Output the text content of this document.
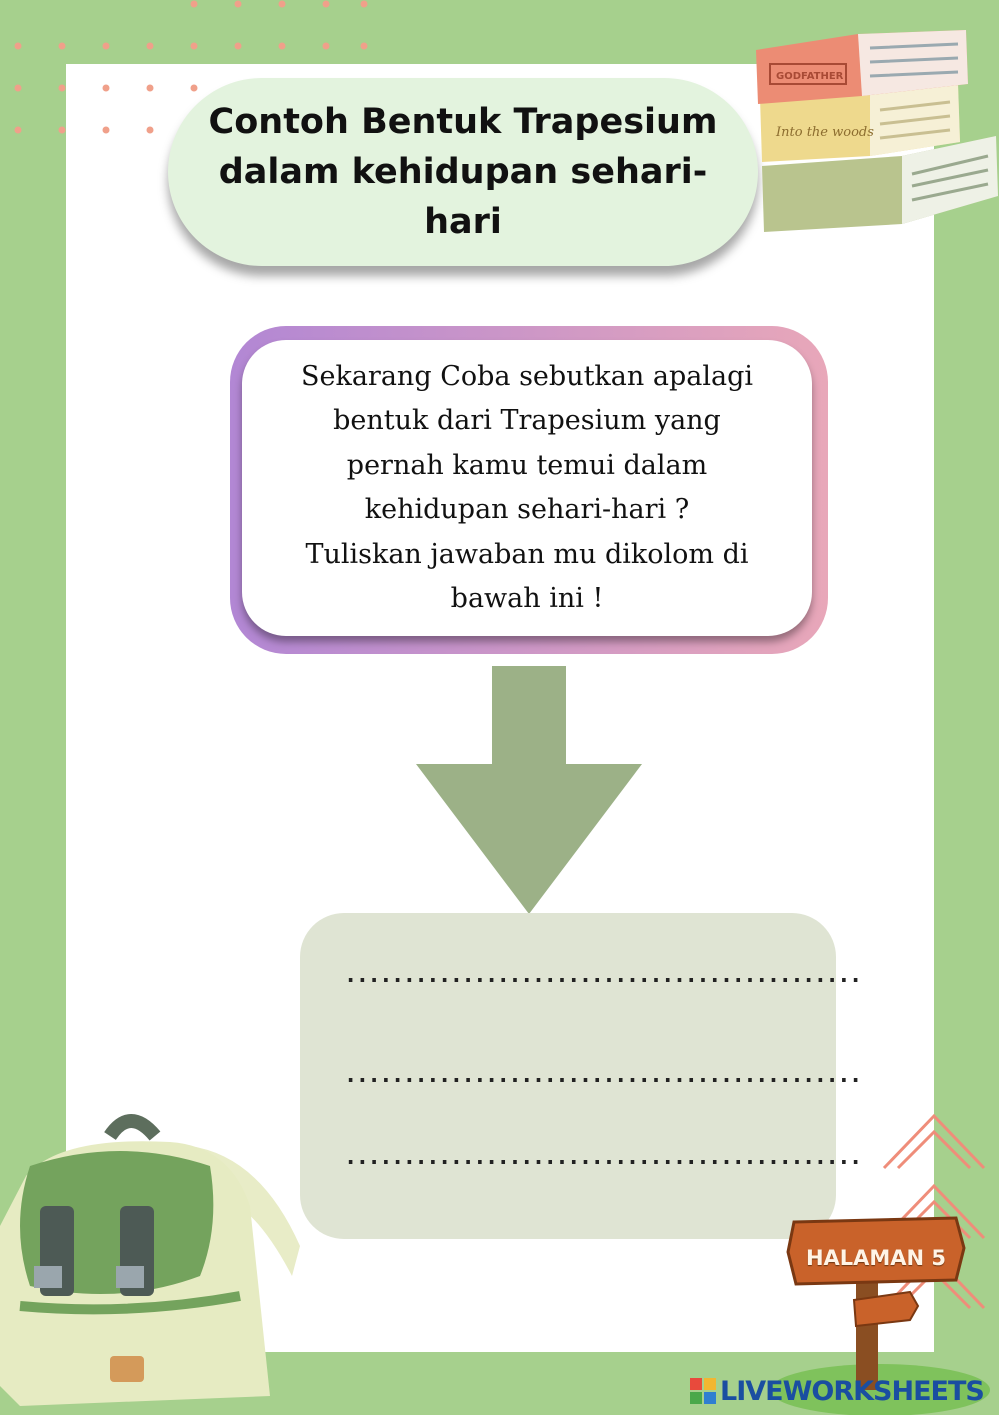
Contoh Bentuk Trapesium
dalam kehidupan sehari-
hari
Into the woods
GODFATHER
Sekarang Coba sebutkan apalagi
bentuk dari Trapesium yang
pernah kamu temui dalam
kehidupan sehari-hari ?
Tuliskan jawaban mu dikolom di
bawah ini !
............................................
............................................
............................................
HALAMAN 5
LIVEWORKSHEETS
